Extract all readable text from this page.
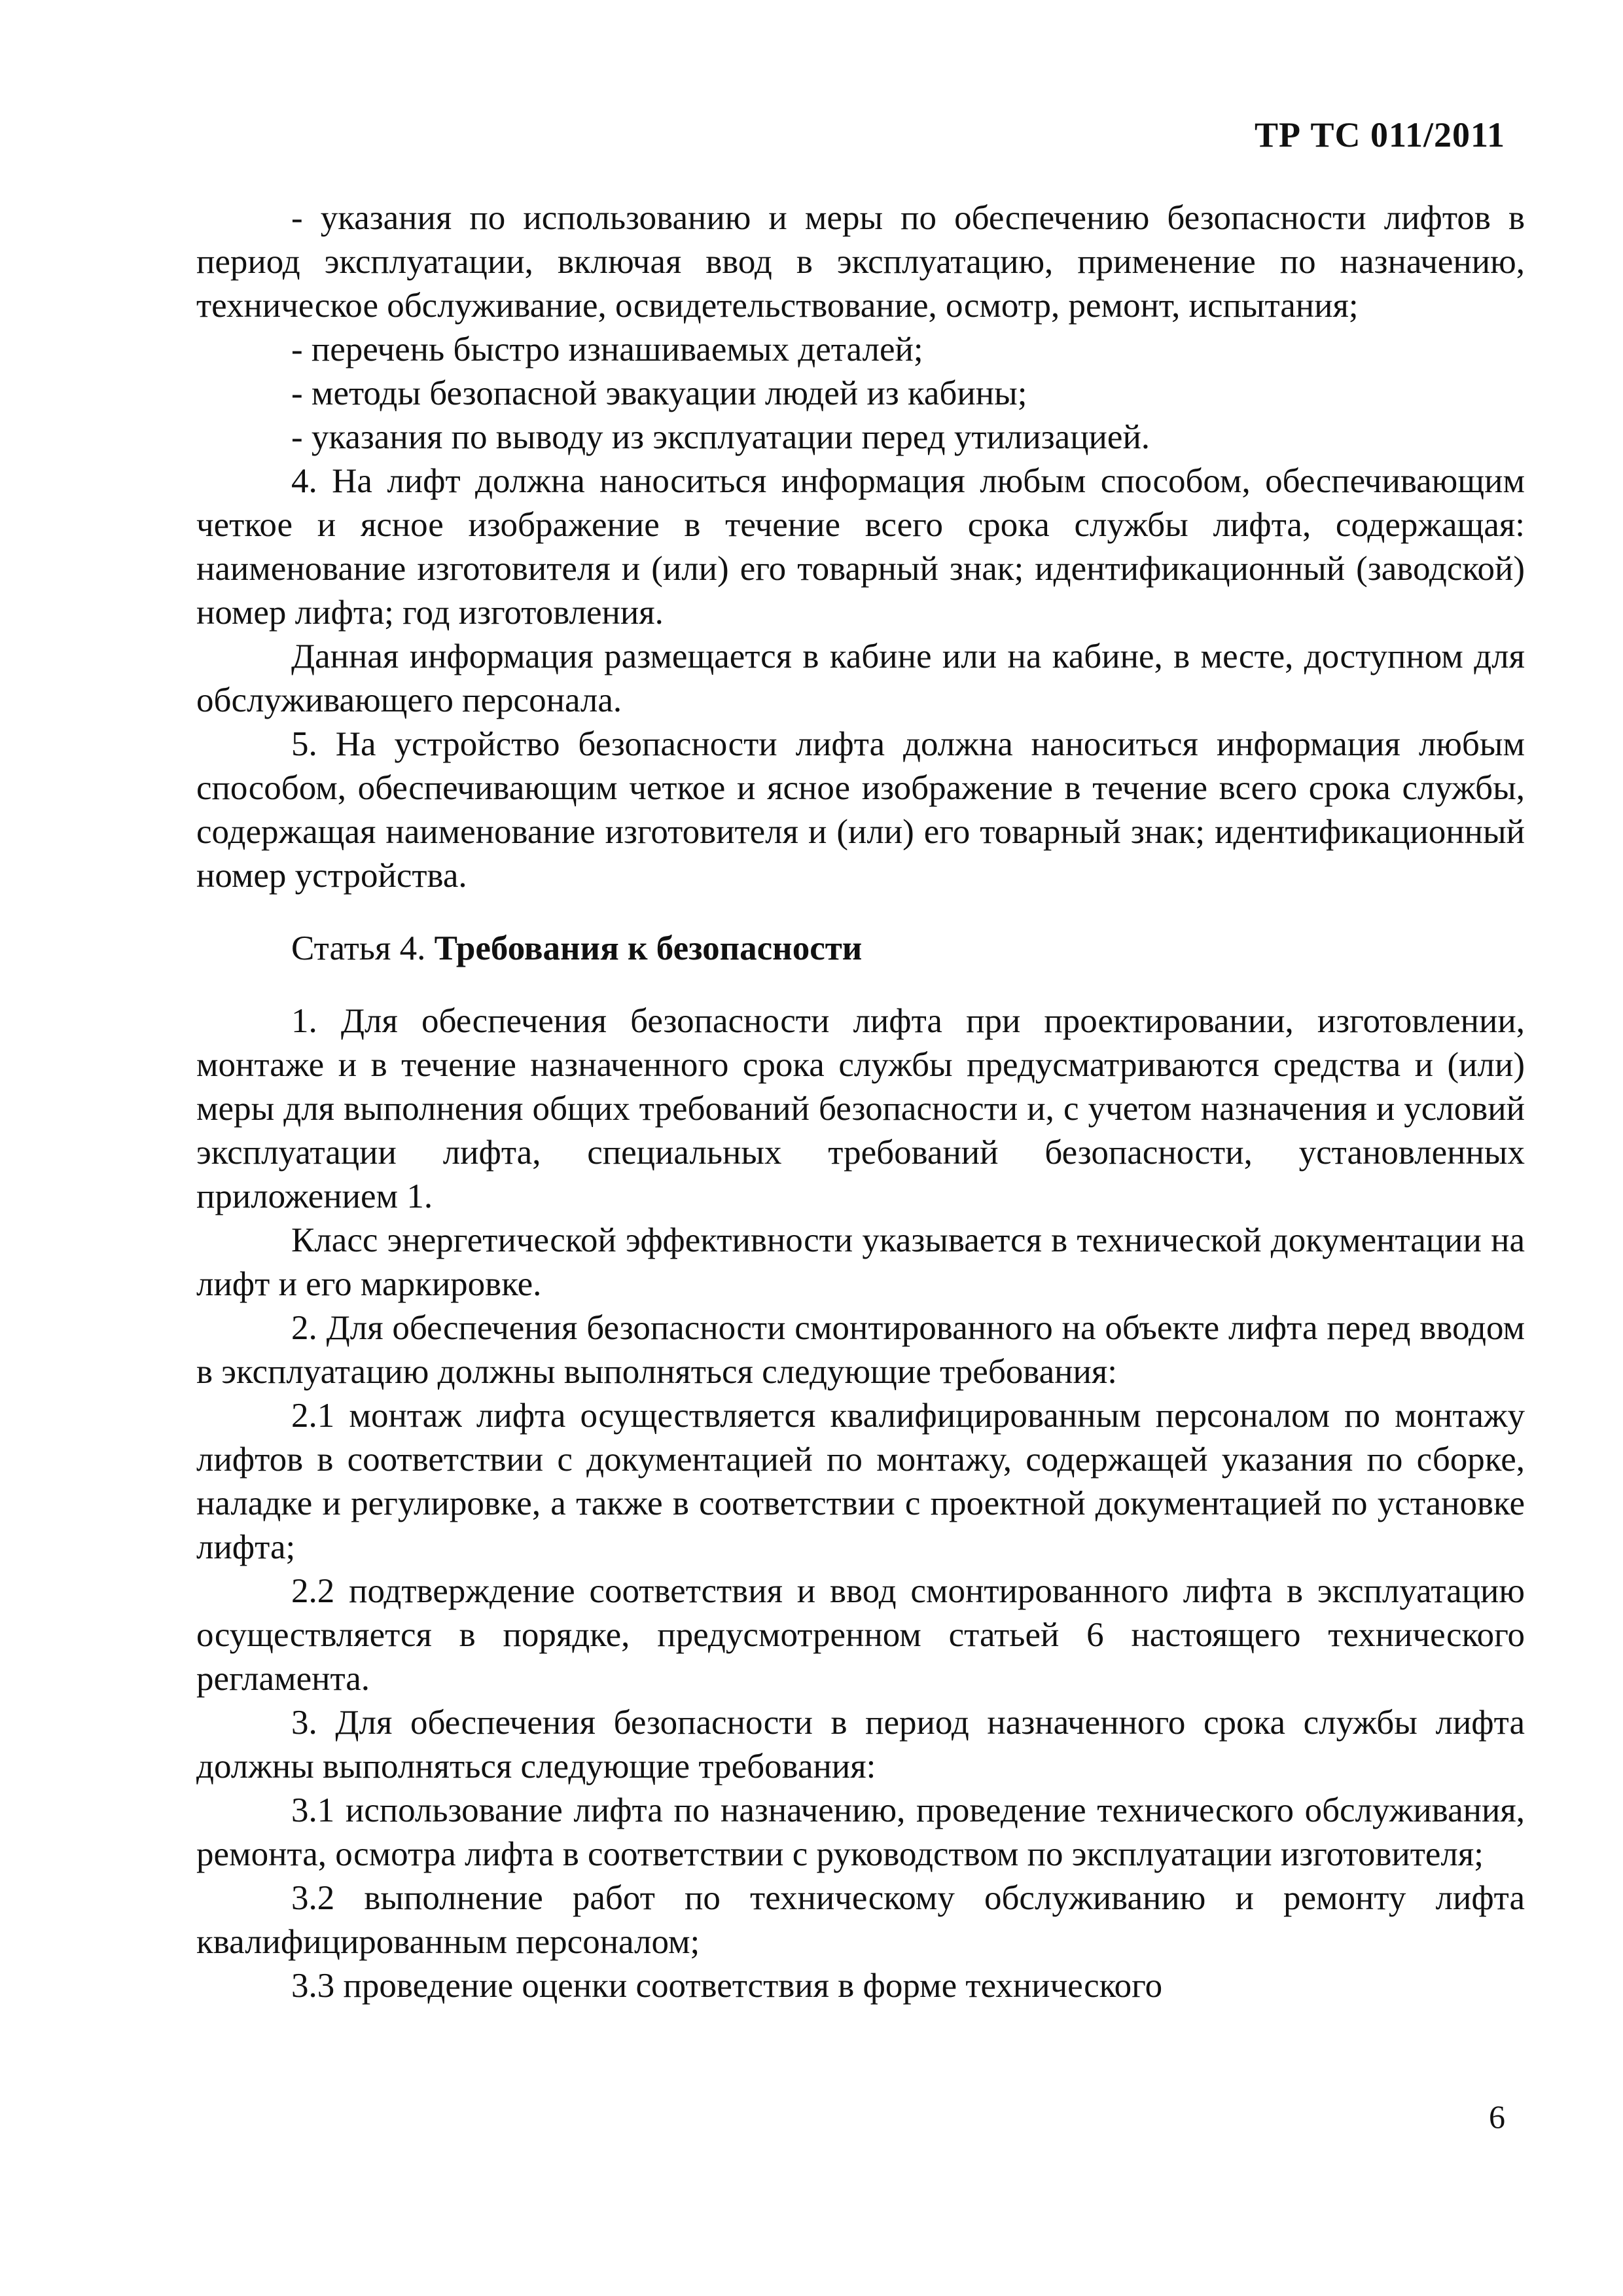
ТР ТС 011/2011

- указания по использованию и меры по обеспечению безопасности лифтов в период эксплуатации, включая ввод в эксплуатацию, применение по назначению, техническое обслуживание, освидетельствование, осмотр, ремонт, испытания;

- перечень быстро изнашиваемых деталей;

- методы безопасной эвакуации людей из кабины;

- указания по выводу из эксплуатации перед утилизацией.

4. На лифт должна наноситься информация любым способом, обеспечивающим четкое и ясное изображение в течение всего срока службы лифта, содержащая: наименование изготовителя и (или) его товарный знак; идентификационный (заводской) номер лифта; год изготовления.

Данная информация размещается в кабине или на кабине, в месте, доступном для обслуживающего персонала.

5. На устройство безопасности лифта должна наноситься информация любым способом, обеспечивающим четкое и ясное изображение в течение всего срока службы, содержащая наименование изготовителя и (или) его товарный знак; идентификационный номер устройства.

Статья 4. Требования к безопасности

1. Для обеспечения безопасности лифта при проектировании, изготовлении, монтаже и в течение назначенного срока службы предусматриваются средства и (или) меры для выполнения общих требований безопасности и, с учетом назначения и условий эксплуатации лифта, специальных требований безопасности, установленных приложением 1.

Класс энергетической эффективности указывается в технической документации на лифт и его маркировке.

2. Для обеспечения безопасности смонтированного на объекте лифта перед вводом в эксплуатацию должны выполняться следующие требования:

2.1 монтаж лифта осуществляется квалифицированным персоналом по монтажу лифтов в соответствии с документацией по монтажу, содержащей указания по сборке, наладке и регулировке, а также в соответствии с проектной документацией по установке лифта;

2.2 подтверждение соответствия и ввод смонтированного лифта в эксплуатацию осуществляется в порядке, предусмотренном статьей 6 настоящего технического регламента.

3. Для обеспечения безопасности в период назначенного срока службы лифта должны выполняться следующие требования:

3.1 использование лифта по назначению, проведение технического обслуживания, ремонта, осмотра лифта в соответствии с руководством по эксплуатации изготовителя;

3.2 выполнение работ по техническому обслуживанию и ремонту лифта квалифицированным персоналом;

3.3 проведение оценки соответствия в форме технического

6
